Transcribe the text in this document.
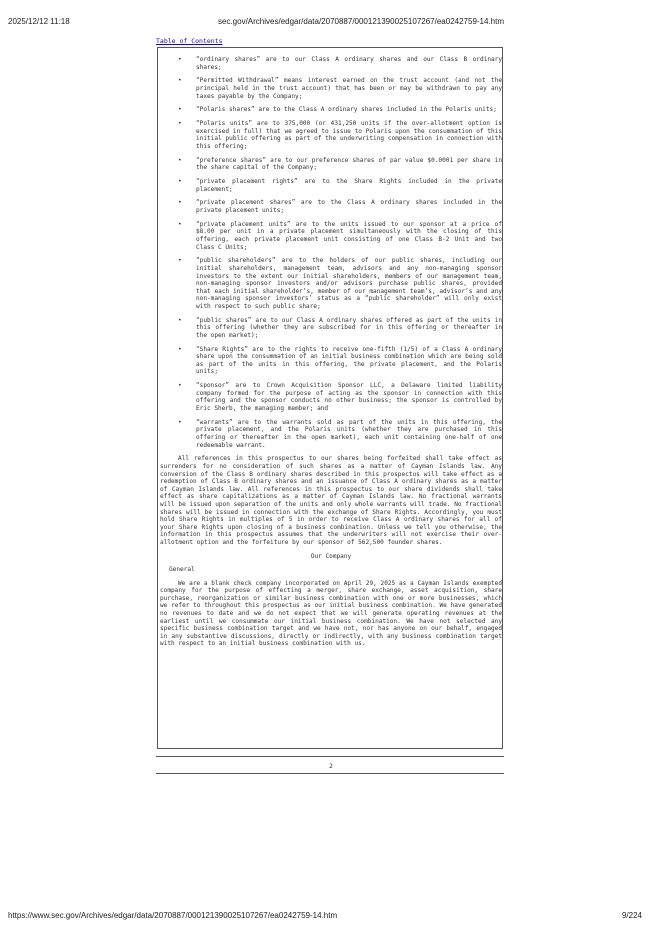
2025/12/12 11:18	sec.gov/Archives/edgar/data/2070887/000121390025107267/ea0242759-14.htm
Table of Contents
• “ordinary shares” are to our Class A ordinary shares and our Class B ordinary shares;
• “Permitted Withdrawal” means interest earned on the trust account (and not the principal held in the trust account) that has been or may be withdrawn to pay any taxes payable by the Company;
• “Polaris shares” are to the Class A ordinary shares included in the Polaris units;
• “Polaris units” are to 375,000 (or 431,250 units if the over-allotment option is exercised in full) that we agreed to issue to Polaris upon the consummation of this initial public offering as part of the underwriting compensation in connection with this offering;
• “preference shares” are to our preference shares of par value $0.0001 per share in the share capital of the Company;
• “private placement rights” are to the Share Rights included in the private placement;
• “private placement shares” are to the Class A ordinary shares included in the private placement units;
• “private placement units” are to the units issued to our sponsor at a price of $8.00 per unit in a private placement simultaneously with the closing of this offering, each private placement unit consisting of one Class B-2 Unit and two Class C Units;
• “public shareholders” are to the holders of our public shares, including our initial shareholders, management team, advisors and any non-managing sponsor investors to the extent our initial shareholders, members of our management team, non-managing sponsor investors and/or advisors purchase public shares, provided that each initial shareholder’s, member of our management team’s, advisor’s and any non-managing sponsor investors’ status as a “public shareholder” will only exist with respect to such public share;
• “public shares” are to our Class A ordinary shares offered as part of the units in this offering (whether they are subscribed for in this offering or thereafter in the open market);
• “Share Rights” are to the rights to receive one-fifth (1/5) of a Class A ordinary share upon the consummation of an initial business combination which are being sold as part of the units in this offering, the private placement, and the Polaris units;
• “sponsor” are to Crown Acquisition Sponsor LLC, a Delaware limited liability company formed for the purpose of acting as the sponsor in connection with this offering and the sponsor conducts no other business; the sponsor is controlled by Eric Sherb, the managing member; and
• “warrants” are to the warrants sold as part of the units in this offering, the private placement, and the Polaris units (whether they are purchased in this offering or thereafter in the open market), each unit containing one-half of one redeemable warrant.

All references in this prospectus to our shares being forfeited shall take effect as surrenders for no consideration of such shares as a matter of Cayman Islands law. Any conversion of the Class B ordinary shares described in this prospectus will take effect as a redemption of Class B ordinary shares and an issuance of Class A ordinary shares as a matter of Cayman Islands law. All references in this prospectus to our share dividends shall take effect as share capitalizations as a matter of Cayman Islands law. No fractional warrants will be issued upon separation of the units and only whole warrants will trade. No fractional shares will be issued in connection with the exchange of Share Rights. Accordingly, you must hold Share Rights in multiples of 5 in order to receive Class A ordinary shares for all of your Share Rights upon closing of a business combination. Unless we tell you otherwise, the information in this prospectus assumes that the underwriters will not exercise their over-allotment option and the forfeiture by our sponsor of 562,500 founder shares.

Our Company
General

We are a blank check company incorporated on April 29, 2025 as a Cayman Islands exempted company for the purpose of effecting a merger, share exchange, asset acquisition, share purchase, reorganization or similar business combination with one or more businesses, which we refer to throughout this prospectus as our initial business combination. We have generated no revenues to date and we do not expect that we will generate operating revenues at the earliest until we consummate our initial business combination. We have not selected any specific business combination target and we have not, nor has anyone on our behalf, engaged in any substantive discussions, directly or indirectly, with any business combination target with respect to an initial business combination with us.

2
https://www.sec.gov/Archives/edgar/data/2070887/000121390025107267/ea0242759-14.htm	9/224
